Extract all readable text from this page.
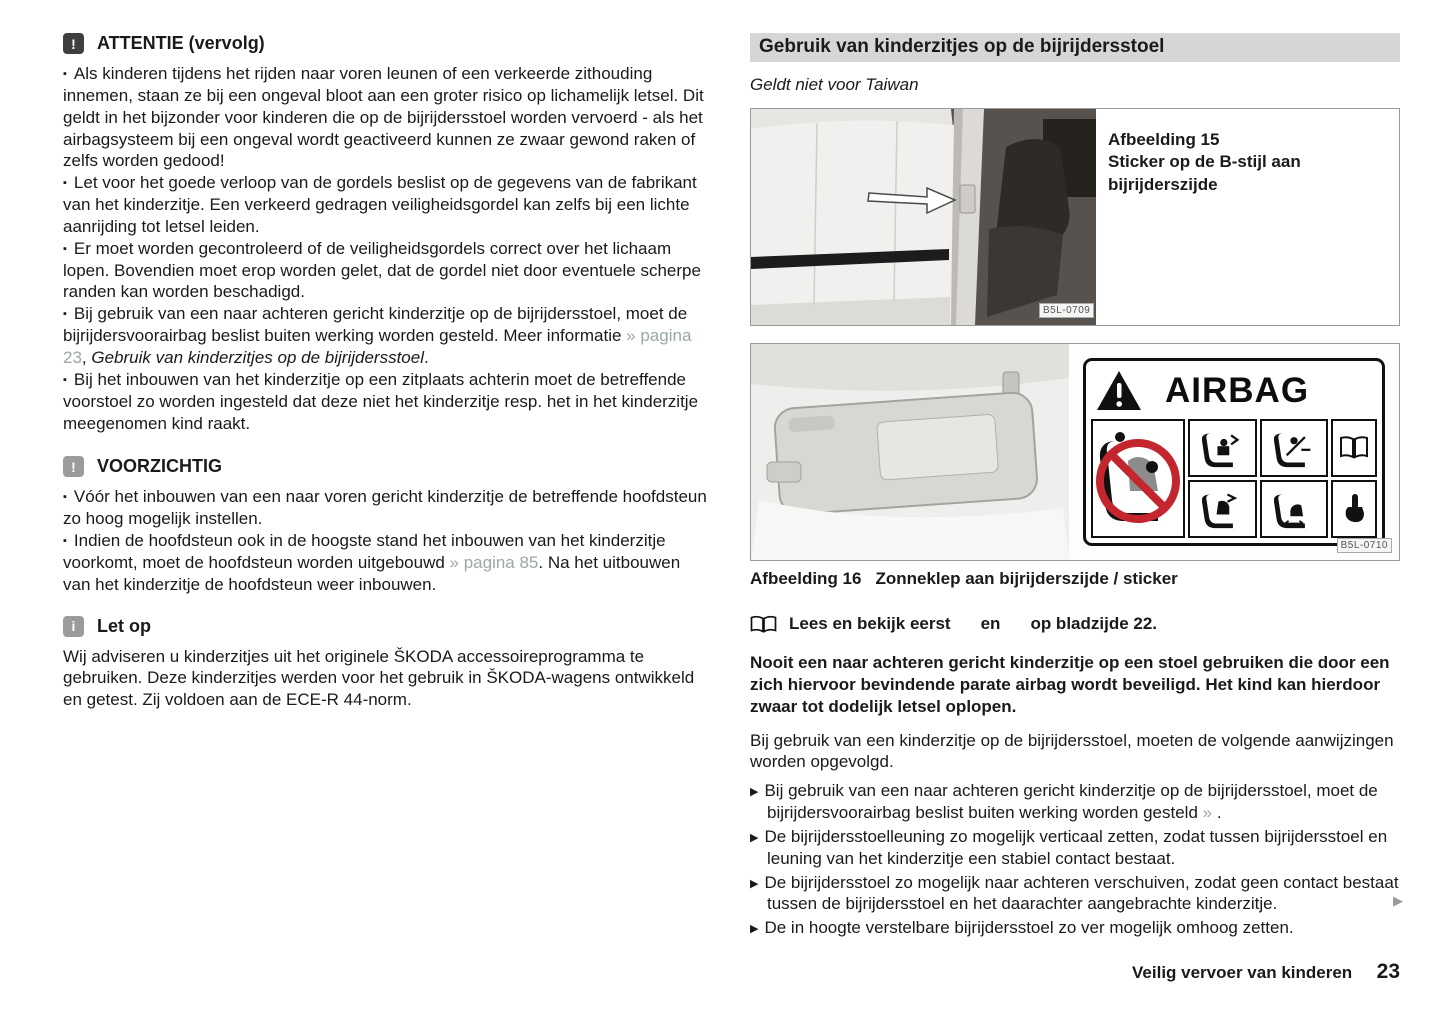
!	ATTENTIE (vervolg)
▪ Als kinderen tijdens het rijden naar voren leunen of een verkeerde zithouding innemen, staan ze bij een ongeval bloot aan een groter risico op lichamelijk letsel. Dit geldt in het bijzonder voor kinderen die op de bijrijdersstoel worden vervoerd - als het airbagsysteem bij een ongeval wordt geactiveerd kunnen ze zwaar gewond raken of zelfs worden gedood!
▪ Let voor het goede verloop van de gordels beslist op de gegevens van de fabrikant van het kinderzitje. Een verkeerd gedragen veiligheidsgordel kan zelfs bij een lichte aanrijding tot letsel leiden.
▪ Er moet worden gecontroleerd of de veiligheidsgordels correct over het lichaam lopen. Bovendien moet erop worden gelet, dat de gordel niet door eventuele scherpe randen kan worden beschadigd.
▪ Bij gebruik van een naar achteren gericht kinderzitje op de bijrijdersstoel, moet de bijrijdersvoorairbag beslist buiten werking worden gesteld. Meer informatie » pagina 23, Gebruik van kinderzitjes op de bijrijdersstoel.
▪ Bij het inbouwen van het kinderzitje op een zitplaats achterin moet de betreffende voorstoel zo worden ingesteld dat deze niet het kinderzitje resp. het in het kinderzitje meegenomen kind raakt.
!	VOORZICHTIG
▪ Vóór het inbouwen van een naar voren gericht kinderzitje de betreffende hoofdsteun zo hoog mogelijk instellen.
▪ Indien de hoofdsteun ook in de hoogste stand het inbouwen van het kinderzitje voorkomt, moet de hoofdsteun worden uitgebouwd » pagina 85. Na het uitbouwen van het kinderzitje de hoofdsteun weer inbouwen.
i	Let op
Wij adviseren u kinderzitjes uit het originele ŠKODA accessoireprogramma te gebruiken. Deze kinderzitjes werden voor het gebruik in ŠKODA-wagens ontwikkeld en getest. Zij voldoen aan de ECE-R 44-norm.
Gebruik van kinderzitjes op de bijrijdersstoel
Geldt niet voor Taiwan
Afbeelding 15
Sticker op de B-stijl aan bijrijderszijde
B5L-0709
AIRBAG
B5L-0710
Afbeelding 16 Zonneklep aan bijrijderszijde / sticker
Lees en bekijk eerst en op bladzijde 22.
Nooit een naar achteren gericht kinderzitje op een stoel gebruiken die door een zich hiervoor bevindende parate airbag wordt beveiligd. Het kind kan hierdoor zwaar tot dodelijk letsel oplopen.
Bij gebruik van een kinderzitje op de bijrijdersstoel, moeten de volgende aanwijzingen worden opgevolgd.
▶ Bij gebruik van een naar achteren gericht kinderzitje op de bijrijdersstoel, moet de bijrijdersvoorairbag beslist buiten werking worden gesteld » .
▶ De bijrijdersstoelleuning zo mogelijk verticaal zetten, zodat tussen bijrijdersstoel en leuning van het kinderzitje een stabiel contact bestaat.
▶ De bijrijdersstoel zo mogelijk naar achteren verschuiven, zodat geen contact bestaat tussen de bijrijdersstoel en het daarachter aangebrachte kinderzitje.
▶ De in hoogte verstelbare bijrijdersstoel zo ver mogelijk omhoog zetten.
▶
Veilig vervoer van kinderen 23
